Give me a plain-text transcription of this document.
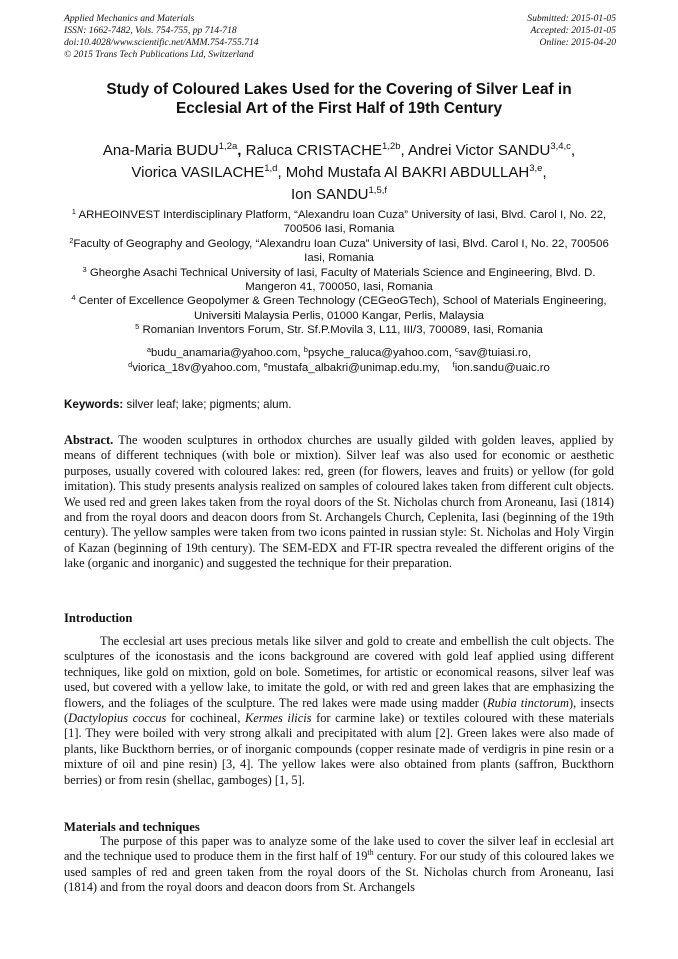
Applied Mechanics and Materials
ISSN: 1662-7482, Vols. 754-755, pp 714-718
doi:10.4028/www.scientific.net/AMM.754-755.714
© 2015 Trans Tech Publications Ltd, Switzerland
Submitted: 2015-01-05
Accepted: 2015-01-05
Online: 2015-04-20
Study of Coloured Lakes Used for the Covering of Silver Leaf in
Ecclesial Art of the First Half of 19th Century
Ana-Maria $BUDU^{1,2a}$, Raluca $CRISTACHE^{1,2b}$, Andrei Victor SANDU$^{3,4,c}$,
Viorica VASILACHE$^{1,d}$, Mohd Mustafa Al BAKRI ABDULLAH$^{3,e}$,
Ion SANDU$^{1,5,f}$
$^1$ ARHEOINVEST Interdisciplinary Platform, “Alexandru Ioan Cuza” University of Iasi, Blvd. Carol I, No. 22, 700506 Iasi, Romania
$^2$Faculty of Geography and Geology, “Alexandru Ioan Cuza” University of Iasi, Blvd. Carol I, No. 22, 700506 Iasi, Romania
$^3$ Gheorghe Asachi Technical University of Iasi, Faculty of Materials Science and Engineering, Blvd. D. Mangeron 41, 700050, Iasi, Romania
$^4$ Center of Excellence Geopolymer & Green Technology (CEGeoGTech), School of Materials Engineering, Universiti Malaysia Perlis, 01000 Kangar, Perlis, Malaysia
$^5$ Romanian Inventors Forum, Str. Sf.P.Movila 3, L11, III/3, 700089, Iasi, Romania
$^a$budu_anamaria@yahoo.com, $^b$psyche_raluca@yahoo.com, $^c$sav@tuiasi.ro,
$^d$viorica_18v@yahoo.com, $^e$mustafa_albakri@unimap.edu.my,    $^f$ion.sandu@uaic.ro
Keywords: silver leaf; lake; pigments; alum.
Abstract. The wooden sculptures in orthodox churches are usually gilded with golden leaves, applied by means of different techniques (with bole or mixtion). Silver leaf was also used for economic or aesthetic purposes, usually covered with coloured lakes: red, green (for flowers, leaves and fruits) or yellow (for gold imitation). This study presents analysis realized on samples of coloured lakes taken from different cult objects. We used red and green lakes taken from the royal doors of the St. Nicholas church from Aroneanu, Iasi (1814) and from the royal doors and deacon doors from St. Archangels Church, Ceplenita, Iasi (beginning of the 19th century). The yellow samples were taken from two icons painted in russian style: St. Nicholas and Holy Virgin of Kazan (beginning of 19th century). The SEM-EDX and FT-IR spectra revealed the different origins of the lake (organic and inorganic) and suggested the technique for their preparation.
Introduction
The ecclesial art uses precious metals like silver and gold to create and embellish the cult objects. The sculptures of the iconostasis and the icons background are covered with gold leaf applied using different techniques, like gold on mixtion, gold on bole. Sometimes, for artistic or economical reasons, silver leaf was used, but covered with a yellow lake, to imitate the gold, or with red and green lakes that are emphasizing the flowers, and the foliages of the sculpture. The red lakes were made using madder (Rubia tinctorum), insects (Dactylopius coccus for cochineal, Kermes ilicis for carmine lake) or textiles coloured with these materials [1]. They were boiled with very strong alkali and precipitated with alum [2]. Green lakes were also made of plants, like Buckthorn berries, or of inorganic compounds (copper resinate made of verdigris in pine resin or a mixture of oil and pine resin) [3, 4]. The yellow lakes were also obtained from plants (saffron, Buckthorn berries) or from resin (shellac, gamboges) [1, 5].
Materials and techniques
The purpose of this paper was to analyze some of the lake used to cover the silver leaf in ecclesial art and the technique used to produce them in the first half of 19th century. For our study of this coloured lakes we used samples of red and green taken from the royal doors of the St. Nicholas church from Aroneanu, Iasi (1814) and from the royal doors and deacon doors from St. Archangels
